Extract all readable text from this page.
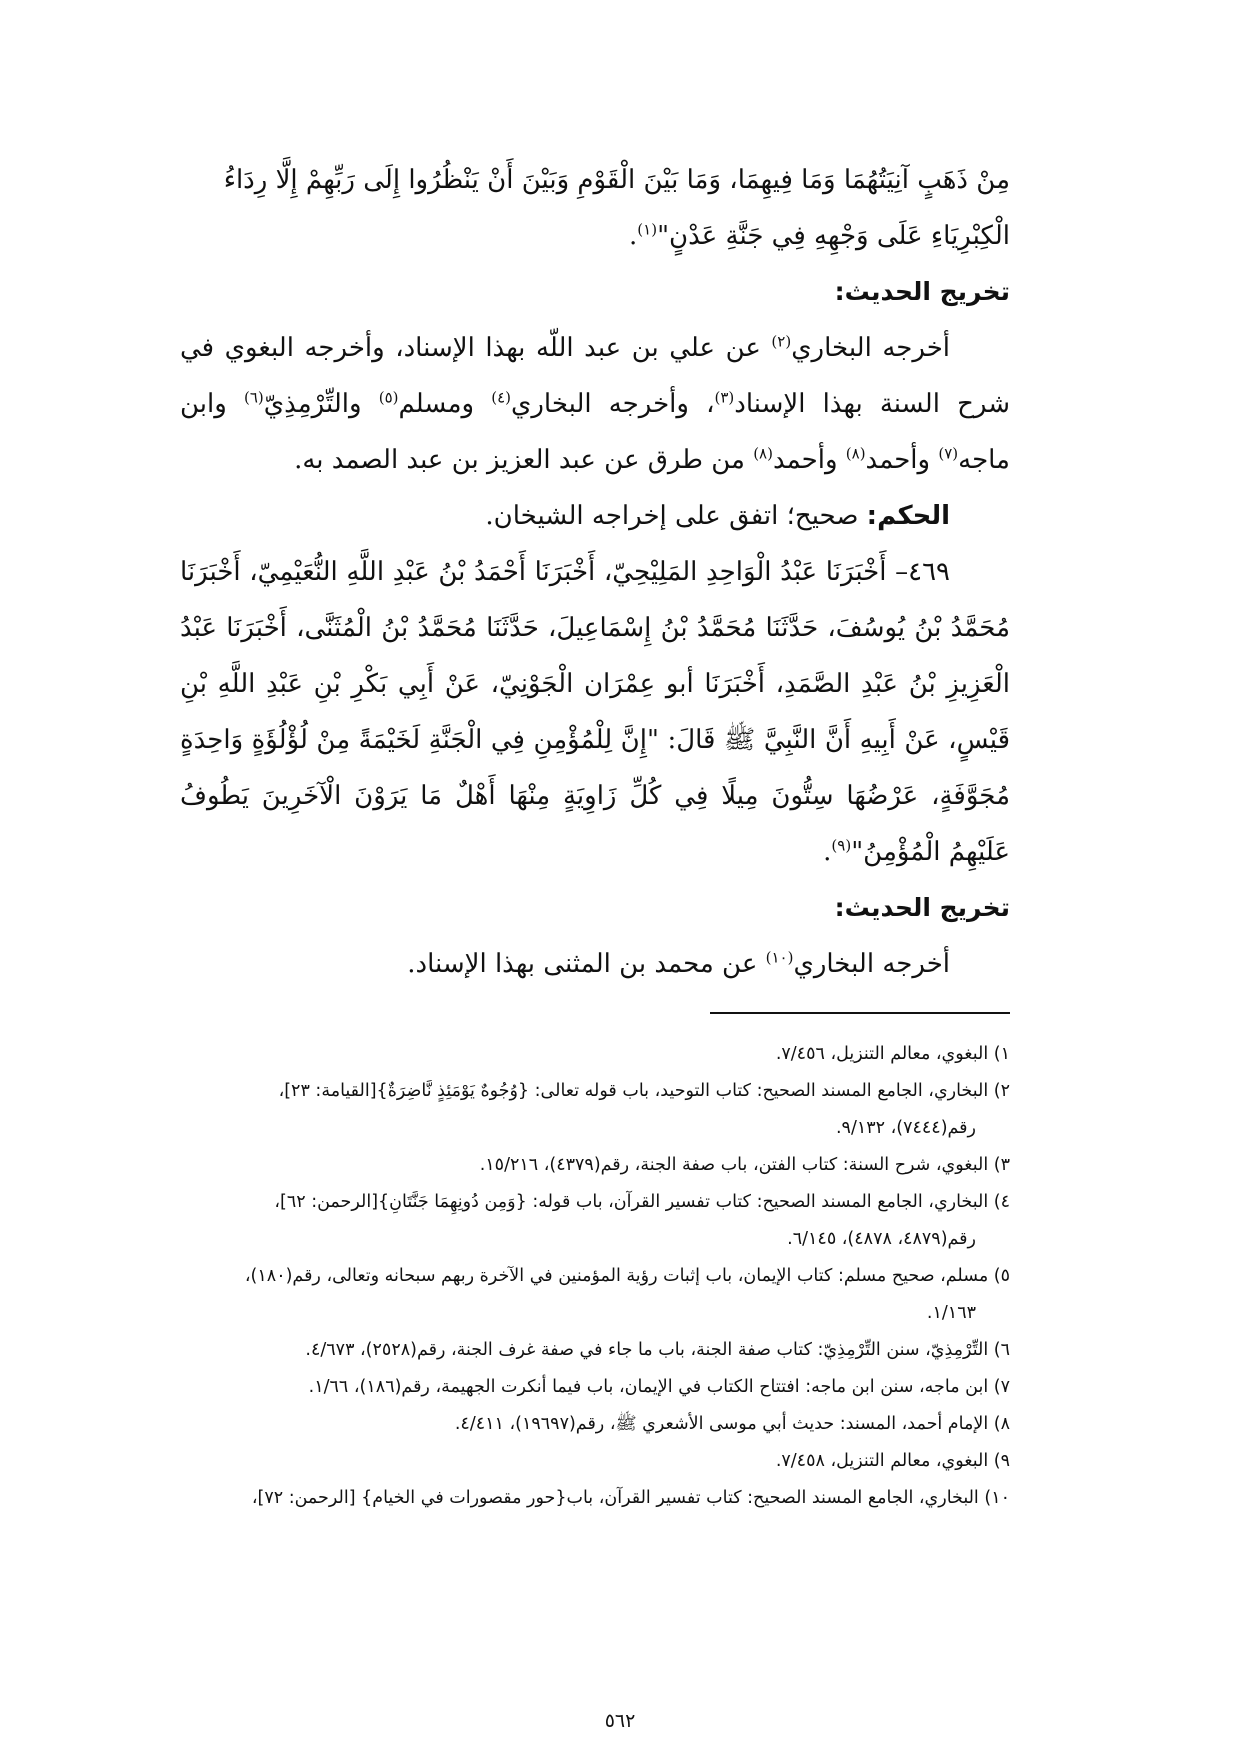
مِنْ ذَهَبٍ آنِيَتُهُمَا وَمَا فِيهِمَا، وَمَا بَيْنَ الْقَوْمِ وَبَيْنَ أَنْ يَنْظُرُوا إِلَى رَبِّهِمْ إِلَّا رِدَاءُ

الْكِبْرِيَاءِ عَلَى وَجْهِهِ فِي جَنَّةِ عَدْنٍ"$^{(١)}$.

تخريج الحديث:

أخرجه البخاري$^{(٢)}$ عن علي بن عبد اللّه بهذا الإسناد، وأخرجه البغوي في شرح السنة بهذا الإسناد$^{(٣)}$، وأخرجه البخاري$^{(٤)}$ ومسلم$^{(٥)}$ والتِّرْمِذِيّ$^{(٦)}$ وابن ماجه$^{(٧)}$ وأحمد$^{(٨)}$ وأحمد$^{(٨)}$ من طرق عن عبد العزيز بن عبد الصمد به.

الحكم: صحيح؛ اتفق على إخراجه الشيخان.

٤٦٩– أَخْبَرَنَا عَبْدُ الْوَاحِدِ المَلِيْحِيّ، أَخْبَرَنَا أَحْمَدُ بْنُ عَبْدِ اللَّهِ النُّعَيْمِيّ، أَخْبَرَنَا مُحَمَّدُ بْنُ يُوسُفَ، حَدَّثَنَا مُحَمَّدُ بْنُ إِسْمَاعِيلَ، حَدَّثَنَا مُحَمَّدُ بْنُ الْمُثَنَّى، أَخْبَرَنَا عَبْدُ الْعَزِيزِ بْنُ عَبْدِ الصَّمَدِ، أَخْبَرَنَا أبو عِمْرَان الْجَوْنِيّ، عَنْ أَبِي بَكْرِ بْنِ عَبْدِ اللَّهِ بْنِ قَيْسٍ، عَنْ أَبِيهِ أَنَّ النَّبِيَّ ﷺ قَالَ: "إِنَّ لِلْمُؤْمِنِ فِي الْجَنَّةِ لَخَيْمَةً مِنْ لُؤْلُؤَةٍ وَاحِدَةٍ مُجَوَّفَةٍ، عَرْضُهَا سِتُّونَ مِيلًا فِي كُلِّ زَاوِيَةٍ مِنْهَا أَهْلٌ مَا يَرَوْنَ الْآخَرِينَ يَطُوفُ عَلَيْهِمُ الْمُؤْمِنُ"$^{(٩)}$.

تخريج الحديث:

أخرجه البخاري$^{(١٠)}$ عن محمد بن المثنى بهذا الإسناد.

١) البغوي، معالم التنزيل، ٧/٤٥٦.

٢) البخاري، الجامع المسند الصحيح: كتاب التوحيد، باب قوله تعالى: {وُجُوهٌ يَوْمَئِذٍ نَّاضِرَةٌ}[القيامة: ٢٣]،

رقم(٧٤٤٤)، ٩/١٣٢.

٣) البغوي، شرح السنة: كتاب الفتن، باب صفة الجنة، رقم(٤٣٧٩)، ١٥/٢١٦.

٤) البخاري، الجامع المسند الصحيح: كتاب تفسير القرآن، باب قوله: {وَمِن دُونِهِمَا جَنَّتَانِ}[الرحمن: ٦٢]،

رقم(٤٨٧٩، ٤٨٧٨)، ٦/١٤٥.

٥) مسلم، صحيح مسلم: كتاب الإيمان، باب إثبات رؤية المؤمنين في الآخرة ربهم سبحانه وتعالى، رقم(١٨٠)،

١/١٦٣.

٦) التِّرْمِذِيّ، سنن التِّرْمِذِيّ: كتاب صفة الجنة، باب ما جاء في صفة غرف الجنة، رقم(٢٥٢٨)، ٤/٦٧٣.

٧) ابن ماجه، سنن ابن ماجه: افتتاح الكتاب في الإيمان، باب فيما أنكرت الجهيمة، رقم(١٨٦)، ١/٦٦.

٨) الإمام أحمد، المسند: حديث أبي موسى الأشعري ﷺ، رقم(١٩٦٩٧)، ٤/٤١١.

٩) البغوي، معالم التنزيل، ٧/٤٥٨.

١٠) البخاري، الجامع المسند الصحيح: كتاب تفسير القرآن، باب{حور مقصورات في الخيام} [الرحمن: ٧٢]،

٥٦٢
